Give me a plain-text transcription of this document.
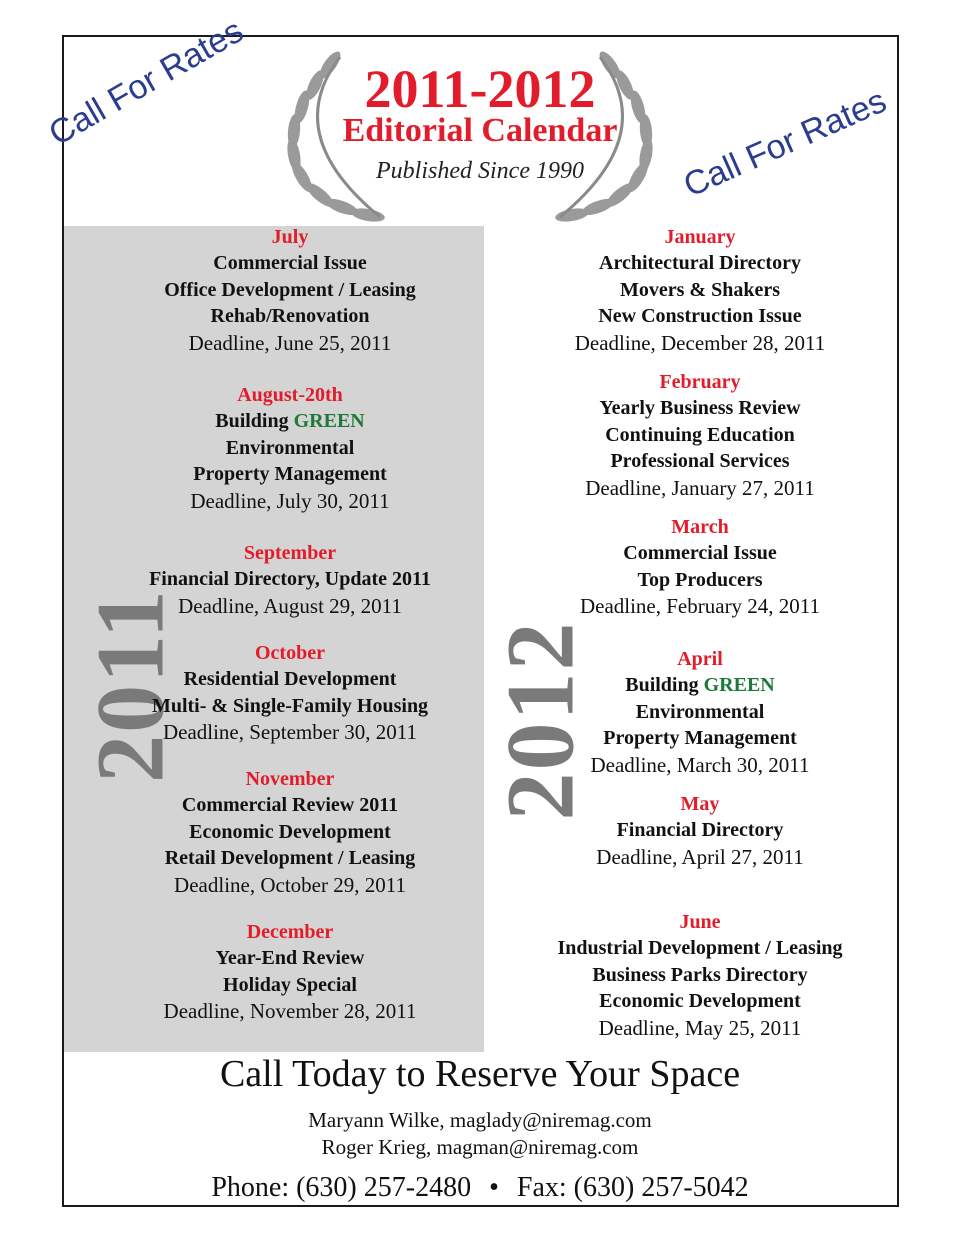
2011-2012
Editorial Calendar
Published Since 1990
Call For Rates	Call For Rates
2011	2012
July
Commercial Issue
Office Development / Leasing
Rehab/Renovation
Deadline, June 25, 2011
August-20th
Building GREEN
Environmental
Property Management
Deadline, July 30, 2011
September
Financial Directory, Update 2011
Deadline, August 29, 2011
October
Residential Development
Multi- & Single-Family Housing
Deadline, September 30, 2011
November
Commercial Review 2011
Economic Development
Retail Development / Leasing
Deadline, October 29, 2011
December
Year-End Review
Holiday Special
Deadline, November 28, 2011
January
Architectural Directory
Movers & Shakers
New Construction Issue
Deadline, December 28, 2011
February
Yearly Business Review
Continuing Education
Professional Services
Deadline, January 27, 2011
March
Commercial Issue
Top Producers
Deadline, February 24, 2011
April
Building GREEN
Environmental
Property Management
Deadline, March 30, 2011
May
Financial Directory
Deadline, April 27, 2011
June
Industrial Development / Leasing
Business Parks Directory
Economic Development
Deadline, May 25, 2011
Call Today to Reserve Your Space
Maryann Wilke, maglady@niremag.com
Roger Krieg, magman@niremag.com
Phone: (630) 257-2480 • Fax: (630) 257-5042
